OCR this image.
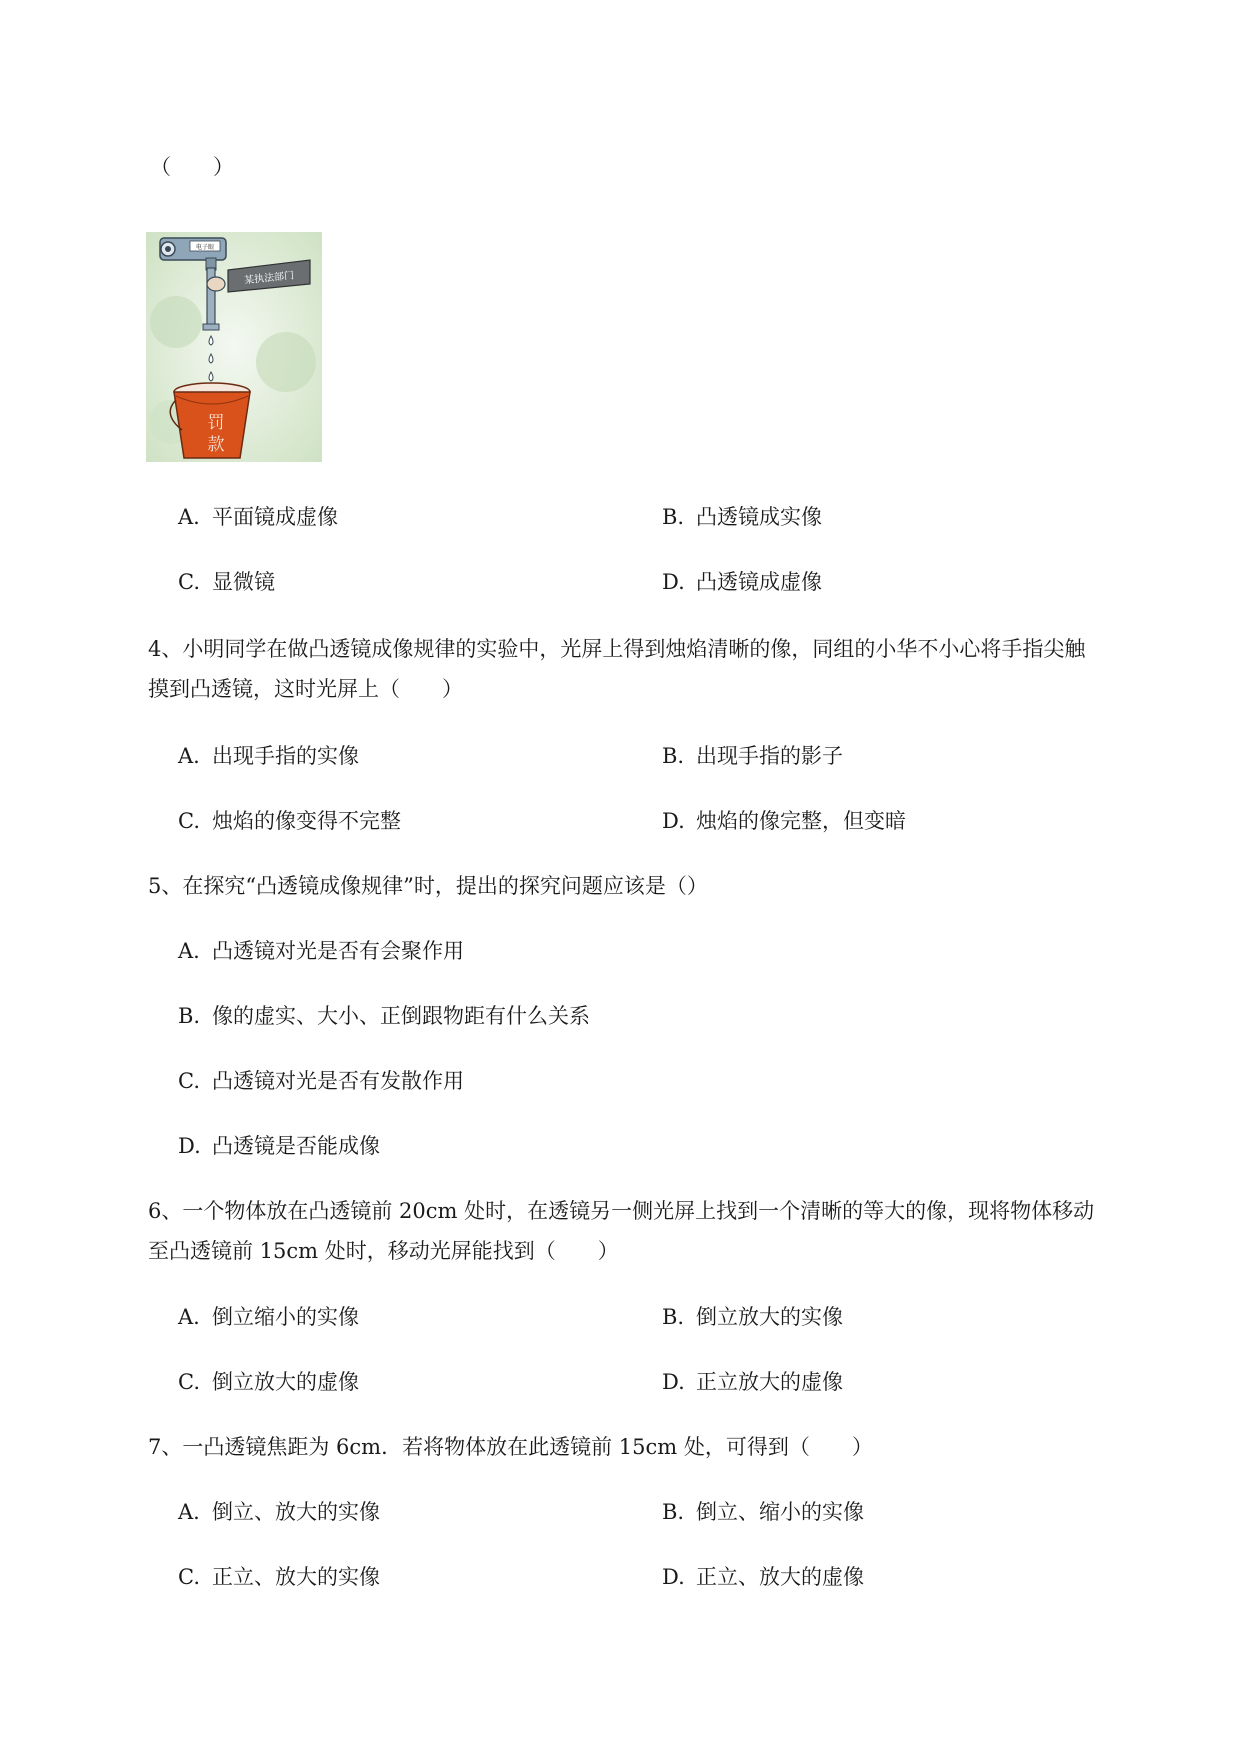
（　　）
电子眼
某执法部门
罚
款
A. 平面镜成虚像	B. 凸透镜成实像
C. 显微镜	D. 凸透镜成虚像
4、小明同学在做凸透镜成像规律的实验中，光屏上得到烛焰清晰的像，同组的小华不小心将手指尖触
摸到凸透镜，这时光屏上（　　）
A. 出现手指的实像	B. 出现手指的影子
C. 烛焰的像变得不完整	D. 烛焰的像完整，但变暗
5、在探究“凸透镜成像规律”时，提出的探究问题应该是（）
A. 凸透镜对光是否有会聚作用
B. 像的虚实、大小、正倒跟物距有什么关系
C. 凸透镜对光是否有发散作用
D. 凸透镜是否能成像
6、一个物体放在凸透镜前 20cm 处时，在透镜另一侧光屏上找到一个清晰的等大的像，现将物体移动
至凸透镜前 15cm 处时，移动光屏能找到（　　）
A. 倒立缩小的实像	B. 倒立放大的实像
C. 倒立放大的虚像	D. 正立放大的虚像
7、一凸透镜焦距为 6cm．若将物体放在此透镜前 15cm 处，可得到（　　）
A. 倒立、放大的实像	B. 倒立、缩小的实像
C. 正立、放大的实像	D. 正立、放大的虚像
